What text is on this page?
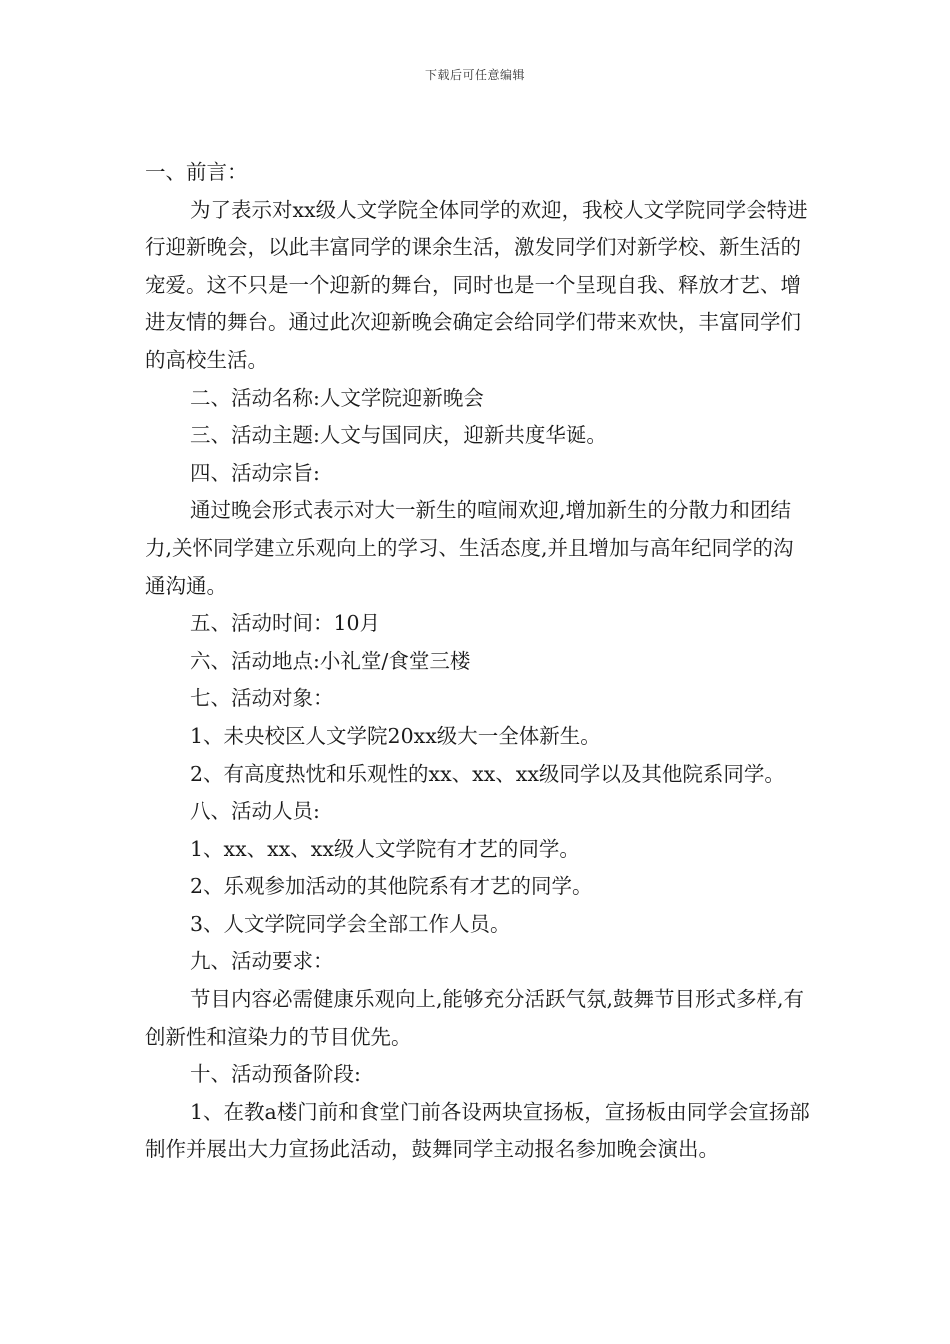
下载后可任意编辑

一、前言：

为了表示对xx级人文学院全体同学的欢迎，我校人文学院同学会特进行迎新晚会，以此丰富同学的课余生活，激发同学们对新学校、新生活的宠爱。这不只是一个迎新的舞台，同时也是一个呈现自我、释放才艺、增进友情的舞台。通过此次迎新晚会确定会给同学们带来欢快，丰富同学们的高校生活。

二、活动名称:人文学院迎新晚会

三、活动主题:人文与国同庆，迎新共度华诞。

四、活动宗旨:

通过晚会形式表示对大一新生的喧闹欢迎,增加新生的分散力和团结力,关怀同学建立乐观向上的学习、生活态度,并且增加与高年纪同学的沟通沟通。

五、活动时间：10月

六、活动地点:小礼堂/食堂三楼

七、活动对象：

1、未央校区人文学院20xx级大一全体新生。

2、有高度热忱和乐观性的xx、xx、xx级同学以及其他院系同学。

八、活动人员:

1、xx、xx、xx级人文学院有才艺的同学。

2、乐观参加活动的其他院系有才艺的同学。

3、人文学院同学会全部工作人员。

九、活动要求：

节目内容必需健康乐观向上,能够充分活跃气氛,鼓舞节目形式多样,有创新性和渲染力的节目优先。

十、活动预备阶段:

1、在教a楼门前和食堂门前各设两块宣扬板，宣扬板由同学会宣扬部制作并展出大力宣扬此活动，鼓舞同学主动报名参加晚会演出。
